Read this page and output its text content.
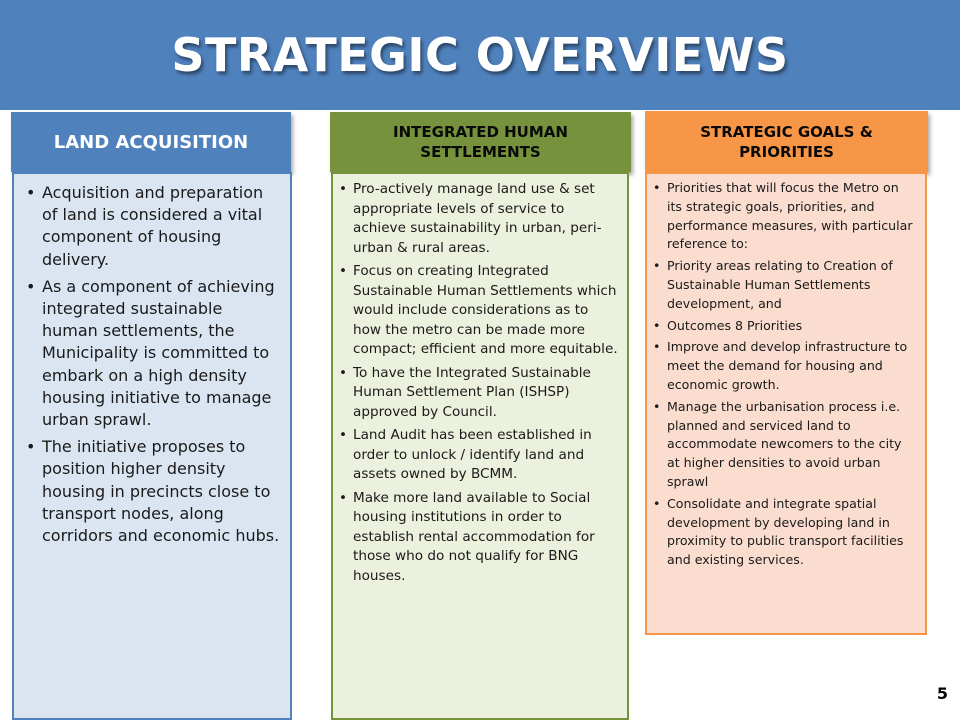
STRATEGIC OVERVIEWS
LAND ACQUISITION
• Acquisition and preparation of land is considered a vital component of housing delivery.
• As a component of achieving integrated sustainable human settlements, the Municipality is committed to embark on a high density housing initiative to manage urban sprawl.
• The initiative proposes to position higher density housing in precincts close to transport nodes, along corridors and economic hubs.
INTEGRATED HUMAN SETTLEMENTS
• Pro-actively manage land use & set appropriate levels of service to achieve sustainability in urban, peri-urban & rural areas.
• Focus on creating Integrated Sustainable Human Settlements which would include considerations as to how the metro can be made more compact; efficient and more equitable.
• To have the Integrated Sustainable Human Settlement Plan (ISHSP) approved by Council.
• Land Audit has been established in order to unlock / identify land and assets owned by BCMM.
• Make more land available to Social housing institutions in order to establish rental accommodation for those who do not qualify for BNG houses.
STRATEGIC GOALS & PRIORITIES
• Priorities that will focus the Metro on its strategic goals, priorities, and performance measures, with particular reference to:
• Priority areas relating to Creation of Sustainable Human Settlements development, and
• Outcomes 8 Priorities
• Improve and develop infrastructure to meet the demand for housing and economic growth.
• Manage the urbanisation process i.e. planned and serviced land to accommodate newcomers to the city at higher densities to avoid urban sprawl
• Consolidate and integrate spatial development by developing land in proximity to public transport facilities and existing services.
5
